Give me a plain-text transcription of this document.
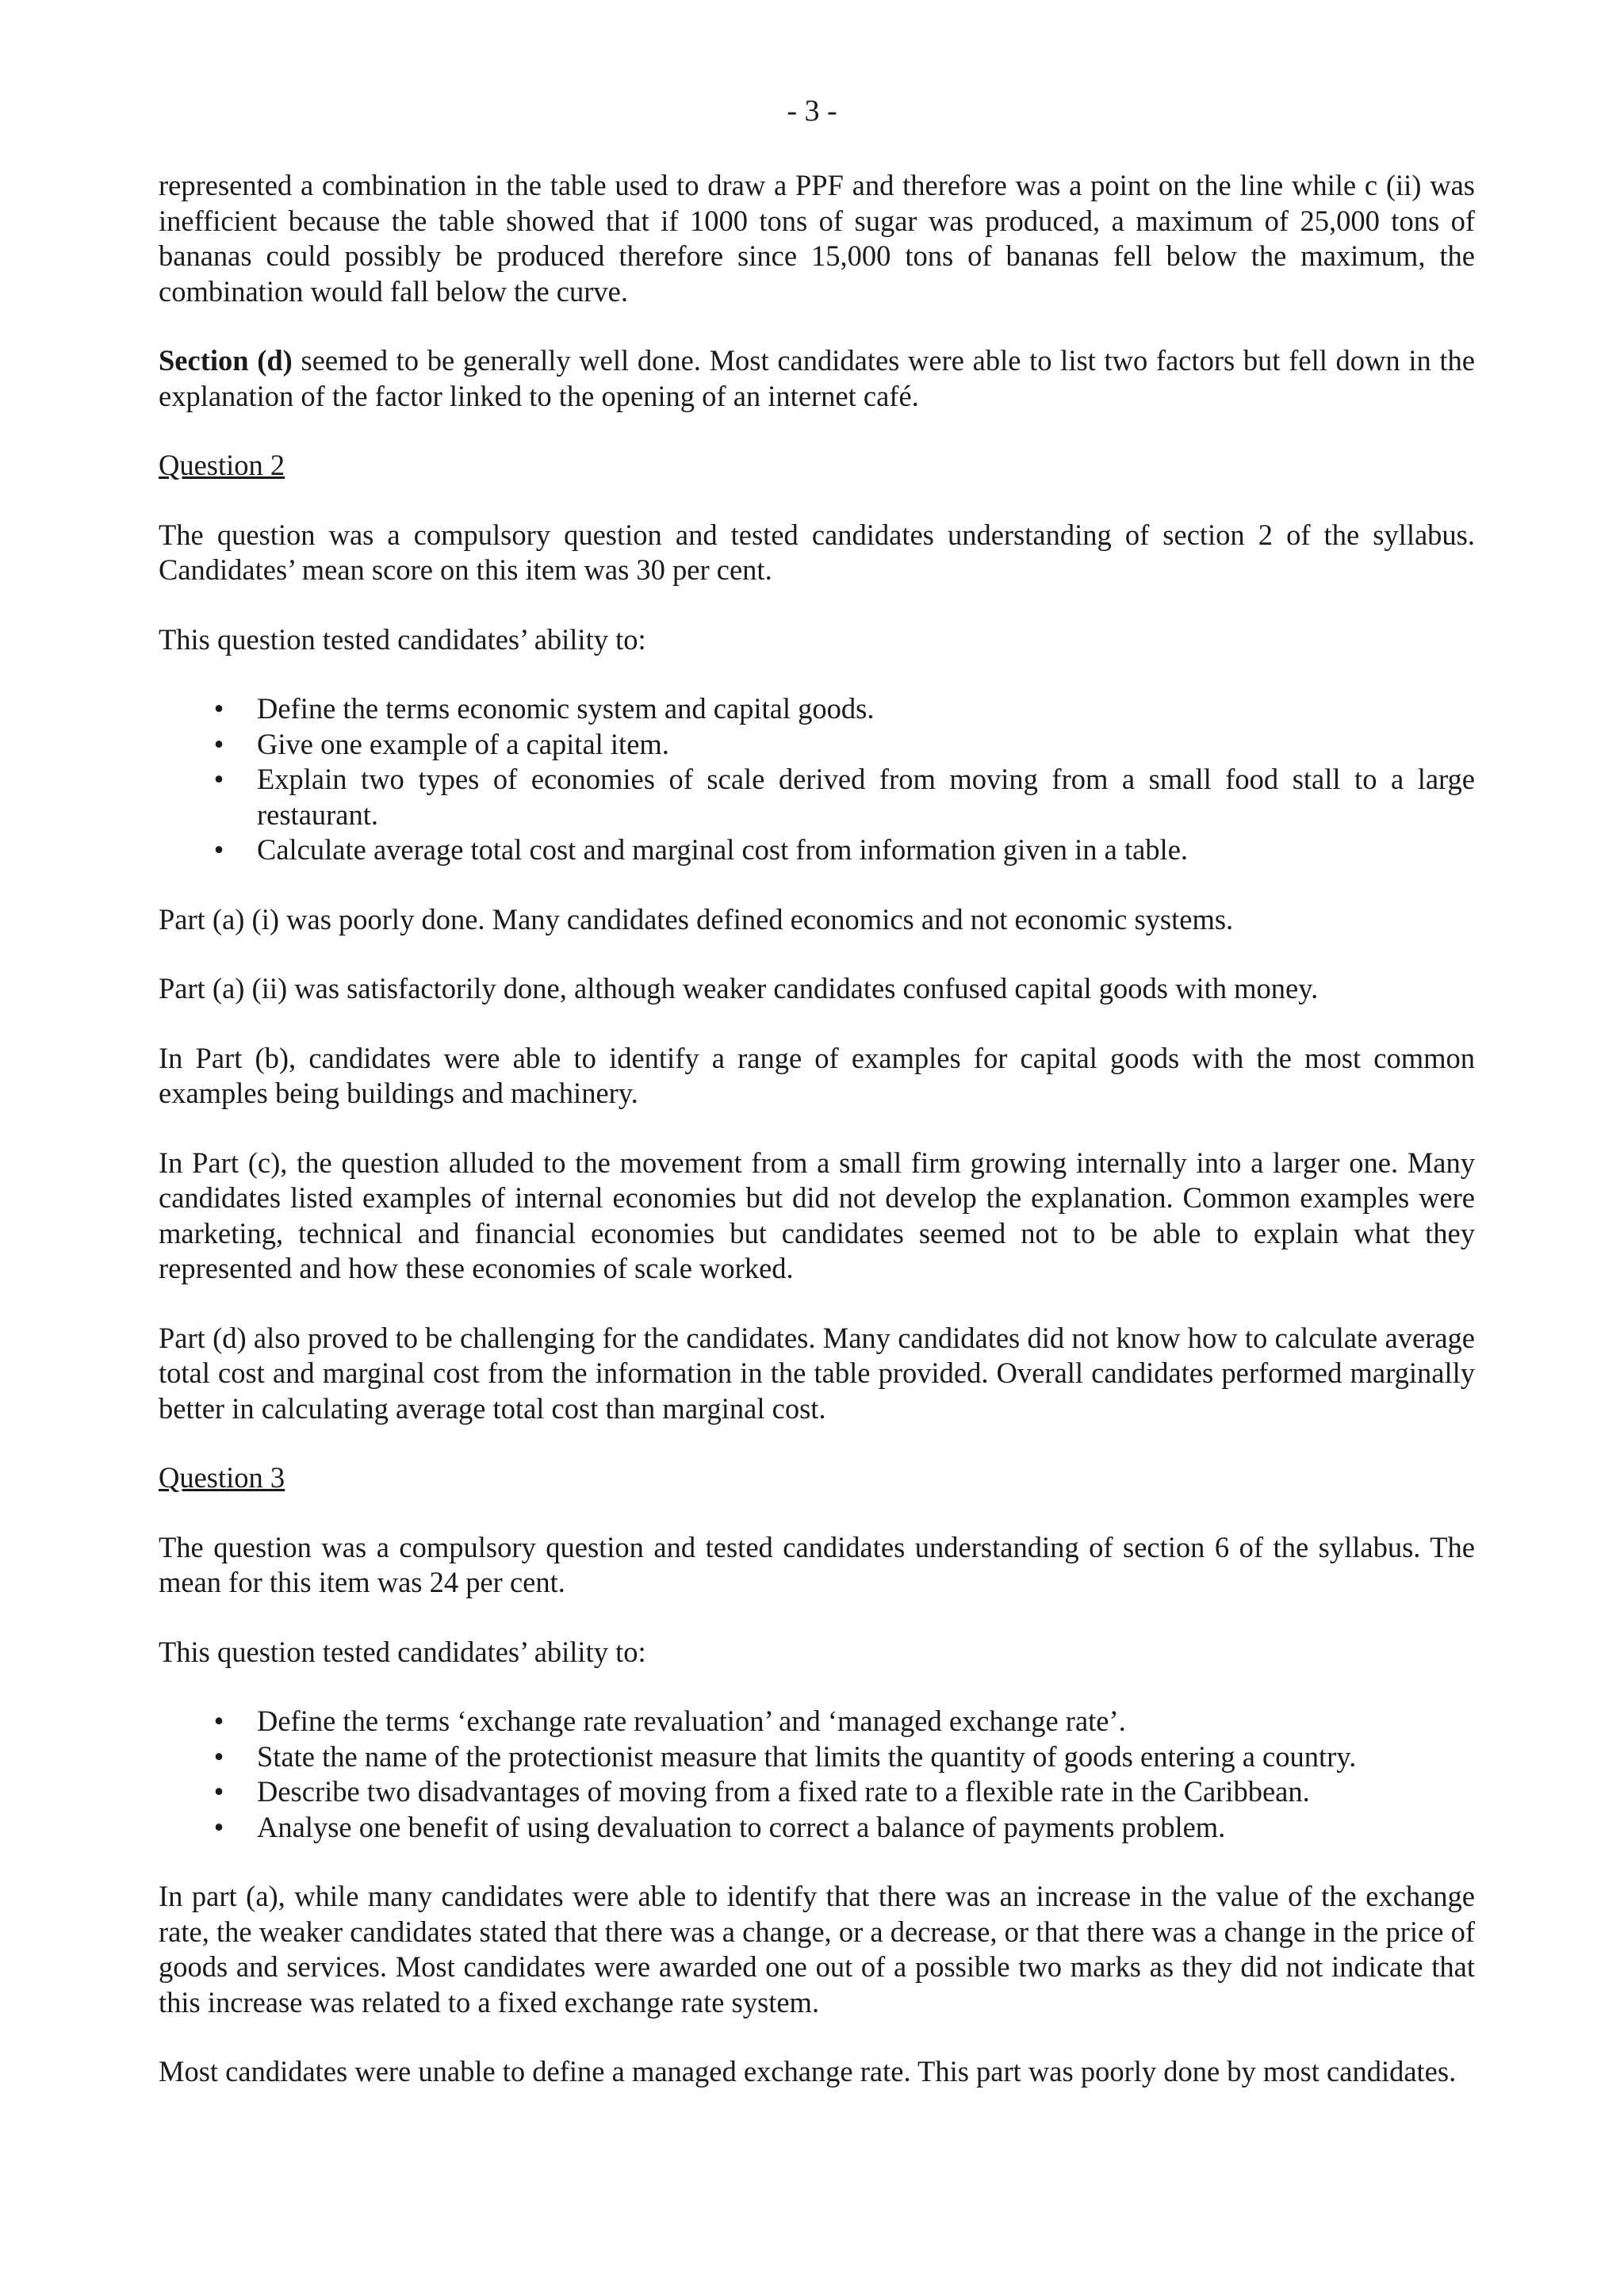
- 3 -

represented a combination in the table used to draw a PPF and therefore was a point on the line while c (ii) was inefficient because the table showed that if 1000 tons of sugar was produced, a maximum of 25,000 tons of bananas could possibly be produced therefore since 15,000 tons of bananas fell below the maximum, the combination would fall below the curve.

Section (d) seemed to be generally well done. Most candidates were able to list two factors but fell down in the explanation of the factor linked to the opening of an internet café.

Question 2

The question was a compulsory question and tested candidates understanding of section 2 of the syllabus. Candidates’ mean score on this item was 30 per cent.

This question tested candidates’ ability to:

• Define the terms economic system and capital goods.
• Give one example of a capital item.
• Explain two types of economies of scale derived from moving from a small food stall to a large restaurant.
• Calculate average total cost and marginal cost from information given in a table.

Part (a) (i) was poorly done. Many candidates defined economics and not economic systems.

Part (a) (ii) was satisfactorily done, although weaker candidates confused capital goods with money.

In Part (b), candidates were able to identify a range of examples for capital goods with the most common examples being buildings and machinery.

In Part (c), the question alluded to the movement from a small firm growing internally into a larger one. Many candidates listed examples of internal economies but did not develop the explanation. Common examples were marketing, technical and financial economies but candidates seemed not to be able to explain what they represented and how these economies of scale worked.

Part (d) also proved to be challenging for the candidates. Many candidates did not know how to calculate average total cost and marginal cost from the information in the table provided. Overall candidates performed marginally better in calculating average total cost than marginal cost.

Question 3

The question was a compulsory question and tested candidates understanding of section 6 of the syllabus. The mean for this item was 24 per cent.

This question tested candidates’ ability to:

• Define the terms ‘exchange rate revaluation’ and ‘managed exchange rate’.
• State the name of the protectionist measure that limits the quantity of goods entering a country.
• Describe two disadvantages of moving from a fixed rate to a flexible rate in the Caribbean.
• Analyse one benefit of using devaluation to correct a balance of payments problem.

In part (a), while many candidates were able to identify that there was an increase in the value of the exchange rate, the weaker candidates stated that there was a change, or a decrease, or that there was a change in the price of goods and services. Most candidates were awarded one out of a possible two marks as they did not indicate that this increase was related to a fixed exchange rate system.

Most candidates were unable to define a managed exchange rate. This part was poorly done by most candidates.
